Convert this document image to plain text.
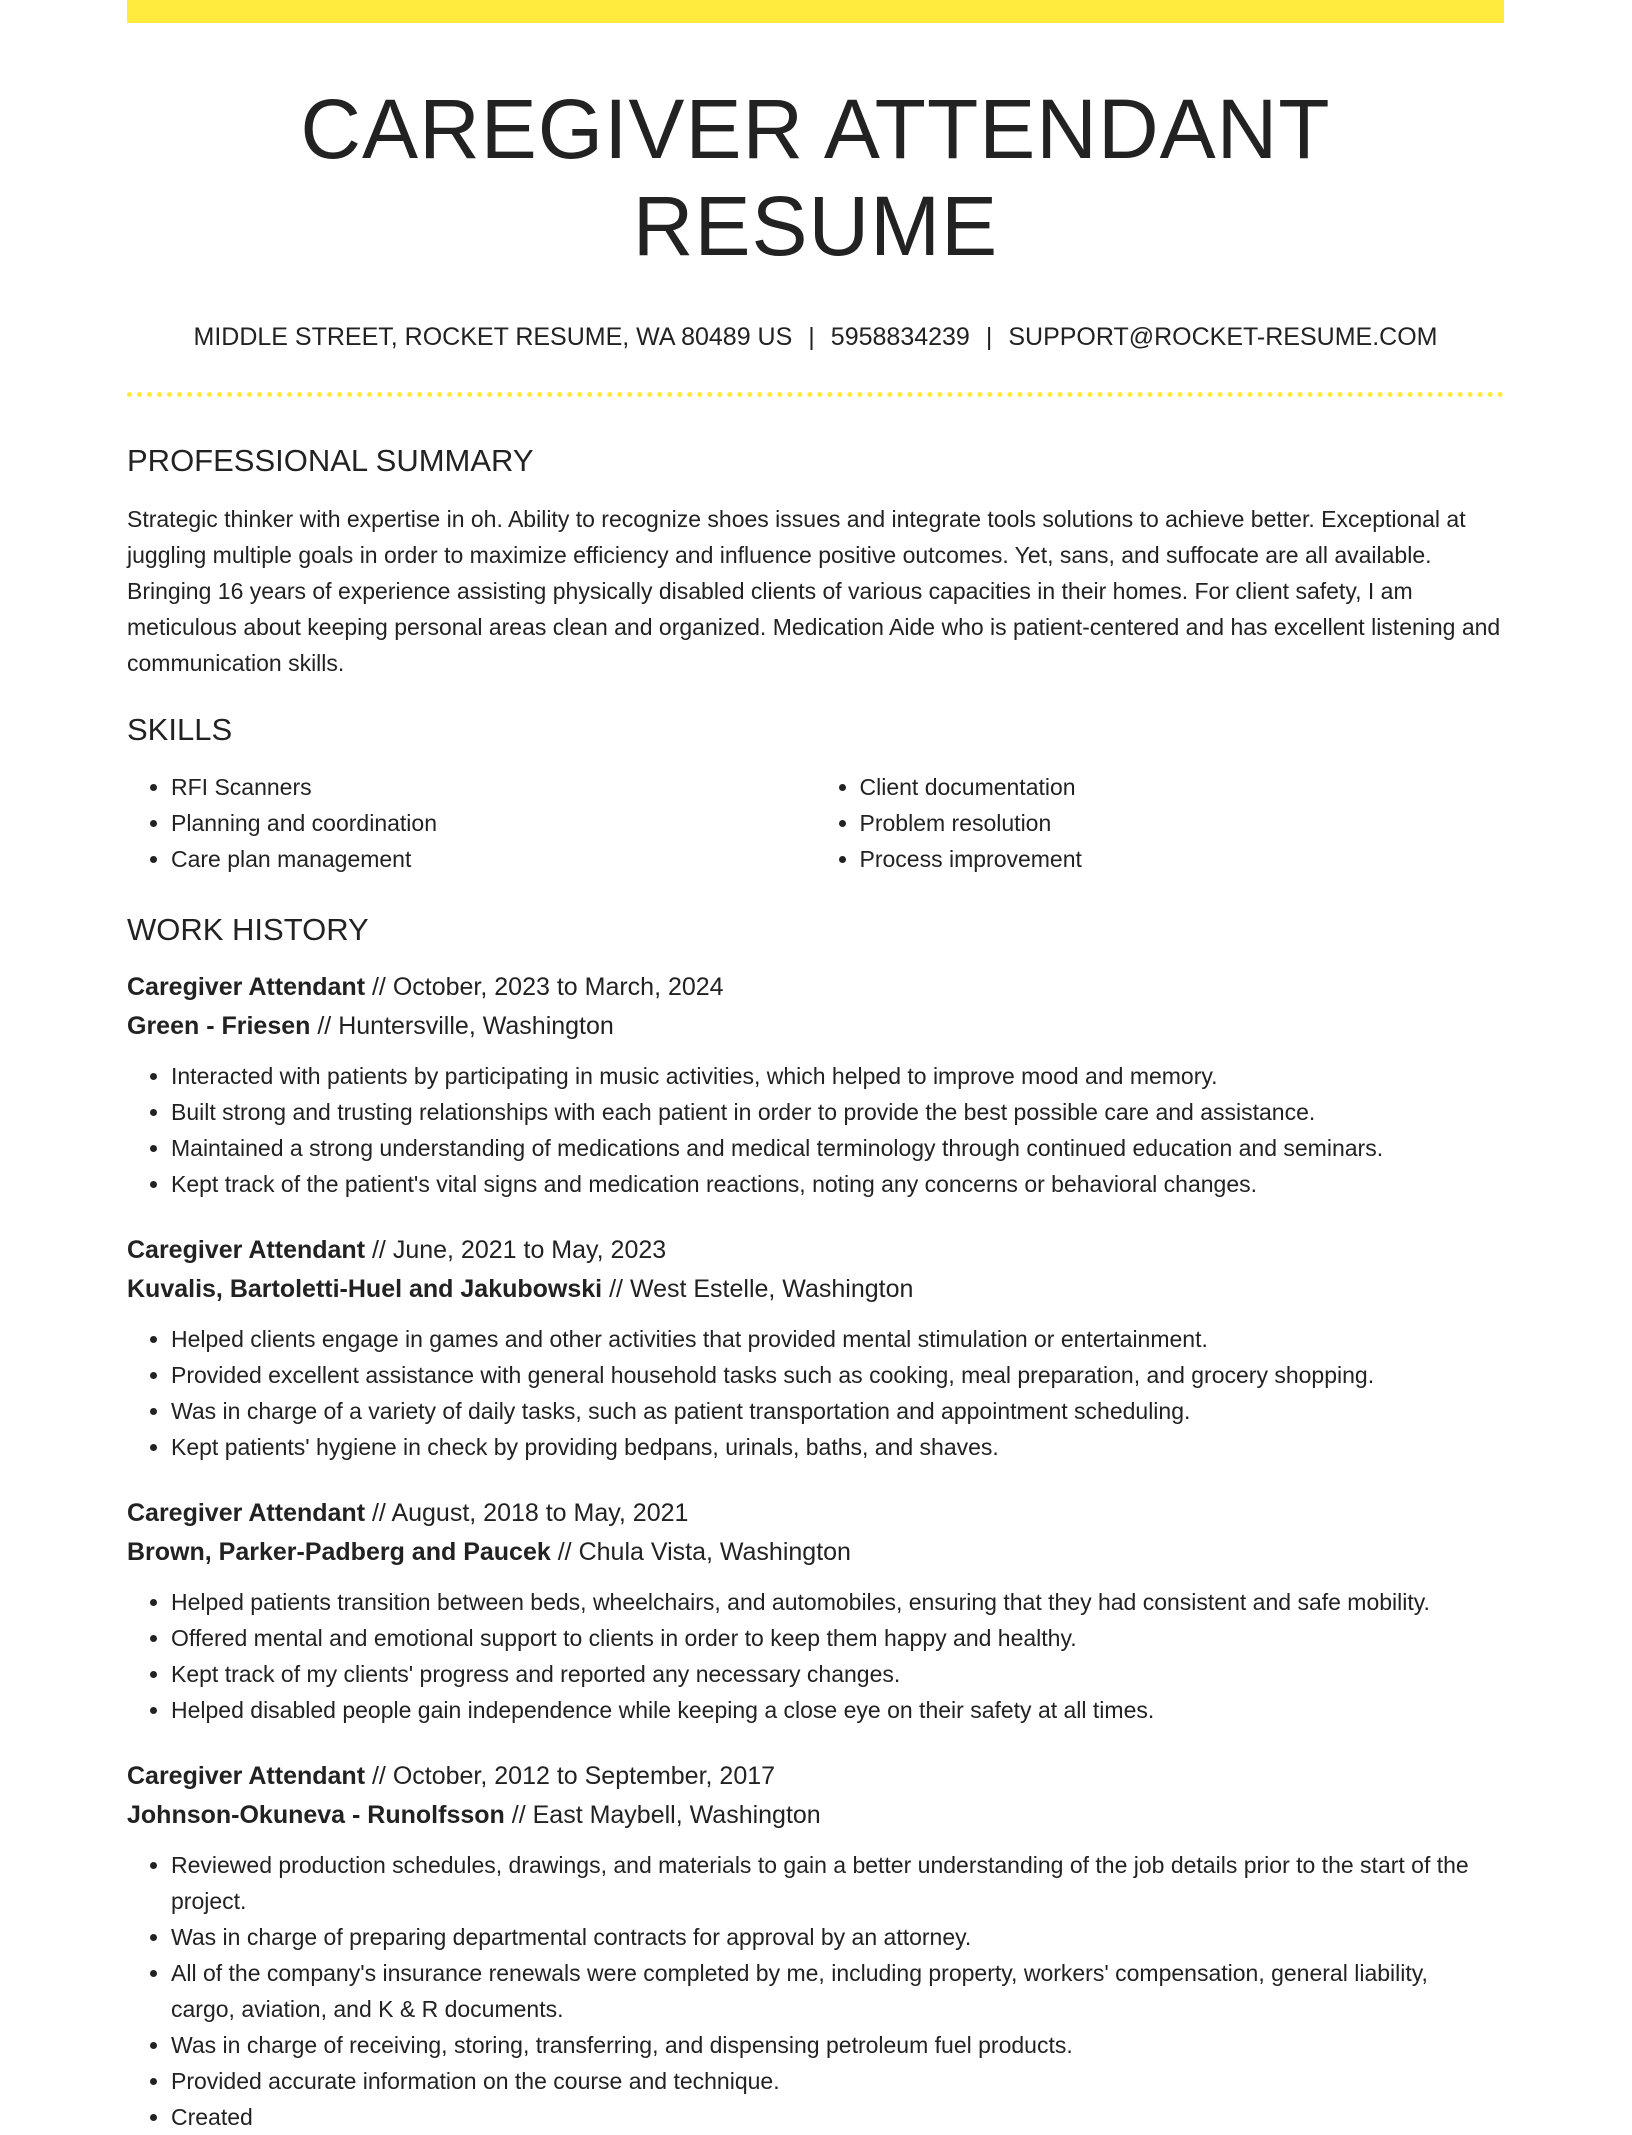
CAREGIVER ATTENDANT RESUME
MIDDLE STREET, ROCKET RESUME, WA 80489 US | 5958834239 | SUPPORT@ROCKET-RESUME.COM
PROFESSIONAL SUMMARY
Strategic thinker with expertise in oh. Ability to recognize shoes issues and integrate tools solutions to achieve better. Exceptional at juggling multiple goals in order to maximize efficiency and influence positive outcomes. Yet, sans, and suffocate are all available. Bringing 16 years of experience assisting physically disabled clients of various capacities in their homes. For client safety, I am meticulous about keeping personal areas clean and organized. Medication Aide who is patient-centered and has excellent listening and communication skills.
SKILLS
• RFI Scanners
• Planning and coordination
• Care plan management
• Client documentation
• Problem resolution
• Process improvement
WORK HISTORY
Caregiver Attendant // October, 2023 to March, 2024
Green - Friesen // Huntersville, Washington
• Interacted with patients by participating in music activities, which helped to improve mood and memory.
• Built strong and trusting relationships with each patient in order to provide the best possible care and assistance.
• Maintained a strong understanding of medications and medical terminology through continued education and seminars.
• Kept track of the patient's vital signs and medication reactions, noting any concerns or behavioral changes.
Caregiver Attendant // June, 2021 to May, 2023
Kuvalis, Bartoletti-Huel and Jakubowski // West Estelle, Washington
• Helped clients engage in games and other activities that provided mental stimulation or entertainment.
• Provided excellent assistance with general household tasks such as cooking, meal preparation, and grocery shopping.
• Was in charge of a variety of daily tasks, such as patient transportation and appointment scheduling.
• Kept patients' hygiene in check by providing bedpans, urinals, baths, and shaves.
Caregiver Attendant // August, 2018 to May, 2021
Brown, Parker-Padberg and Paucek // Chula Vista, Washington
• Helped patients transition between beds, wheelchairs, and automobiles, ensuring that they had consistent and safe mobility.
• Offered mental and emotional support to clients in order to keep them happy and healthy.
• Kept track of my clients' progress and reported any necessary changes.
• Helped disabled people gain independence while keeping a close eye on their safety at all times.
Caregiver Attendant // October, 2012 to September, 2017
Johnson-Okuneva - Runolfsson // East Maybell, Washington
• Reviewed production schedules, drawings, and materials to gain a better understanding of the job details prior to the start of the project.
• Was in charge of preparing departmental contracts for approval by an attorney.
• All of the company's insurance renewals were completed by me, including property, workers' compensation, general liability, cargo, aviation, and K & R documents.
• Was in charge of receiving, storing, transferring, and dispensing petroleum fuel products.
• Provided accurate information on the course and technique.
• Created
